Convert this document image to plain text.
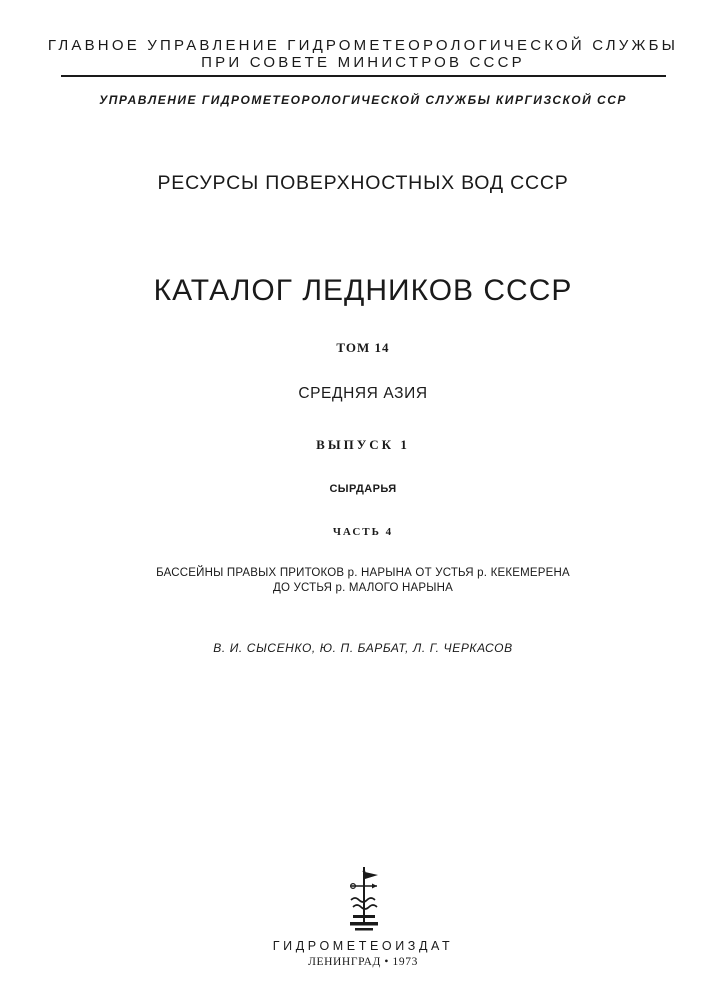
ГЛАВНОЕ УПРАВЛЕНИЕ ГИДРОМЕТЕОРОЛОГИЧЕСКОЙ СЛУЖБЫ
ПРИ СОВЕТЕ МИНИСТРОВ СССР
УПРАВЛЕНИЕ ГИДРОМЕТЕОРОЛОГИЧЕСКОЙ СЛУЖБЫ КИРГИЗСКОЙ ССР
РЕСУРСЫ ПОВЕРХНОСТНЫХ ВОД СССР
КАТАЛОГ ЛЕДНИКОВ СССР
ТОМ 14
СРЕДНЯЯ АЗИЯ
ВЫПУСК 1
СЫРДАРЬЯ
ЧАСТЬ 4
БАССЕЙНЫ ПРАВЫХ ПРИТОКОВ р. НАРЫНА ОТ УСТЬЯ р. КЕКЕМЕРЕНА
ДО УСТЬЯ р. МАЛОГО НАРЫНА
В. И. СЫСЕНКО, Ю. П. БАРБАТ, Л. Г. ЧЕРКАСОВ
ГИДРОМЕТЕОИЗДАТ
ЛЕНИНГРАД • 1973
